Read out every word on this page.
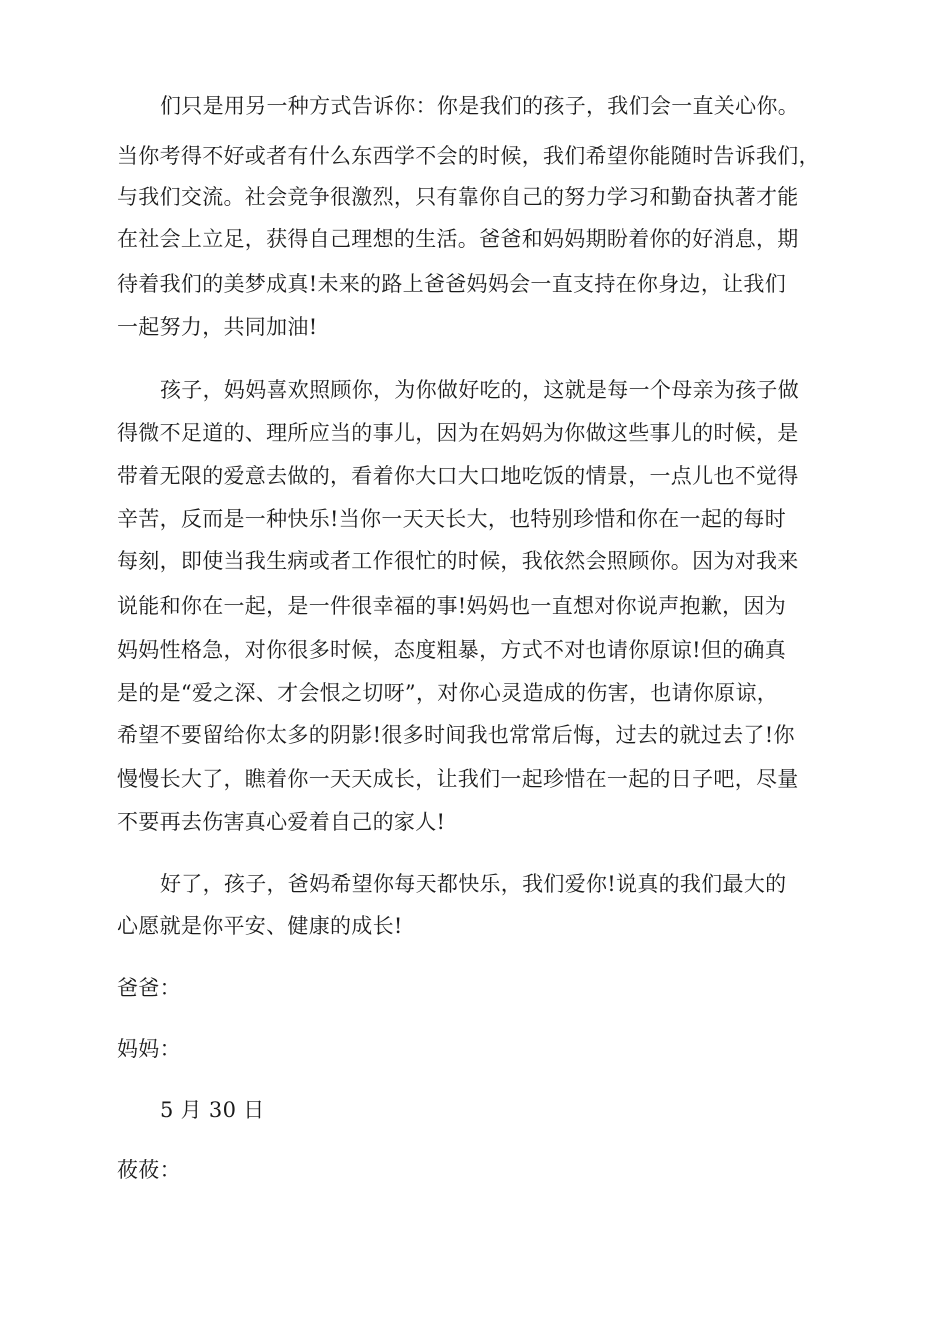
们只是用另一种方式告诉你：你是我们的孩子，我们会一直关心你。
当你考得不好或者有什么东西学不会的时候，我们希望你能随时告诉我们，
与我们交流。社会竞争很激烈，只有靠你自己的努力学习和勤奋执著才能
在社会上立足，获得自己理想的生活。爸爸和妈妈期盼着你的好消息，期
待着我们的美梦成真!未来的路上爸爸妈妈会一直支持在你身边，让我们
一起努力，共同加油!
孩子，妈妈喜欢照顾你，为你做好吃的，这就是每一个母亲为孩子做
得微不足道的、理所应当的事儿，因为在妈妈为你做这些事儿的时候，是
带着无限的爱意去做的，看着你大口大口地吃饭的情景，一点儿也不觉得
辛苦，反而是一种快乐!当你一天天长大，也特别珍惜和你在一起的每时
每刻，即使当我生病或者工作很忙的时候，我依然会照顾你。因为对我来
说能和你在一起，是一件很幸福的事!妈妈也一直想对你说声抱歉，因为
妈妈性格急，对你很多时候，态度粗暴，方式不对也请你原谅!但的确真
是的是“爱之深、才会恨之切呀”，对你心灵造成的伤害，也请你原谅，
希望不要留给你太多的阴影!很多时间我也常常后悔，过去的就过去了!你
慢慢长大了，瞧着你一天天成长，让我们一起珍惜在一起的日子吧，尽量
不要再去伤害真心爱着自己的家人!
好了，孩子，爸妈希望你每天都快乐，我们爱你!说真的我们最大的
心愿就是你平安、健康的成长!
爸爸：
妈妈：
5 月 30 日
莜莜：
